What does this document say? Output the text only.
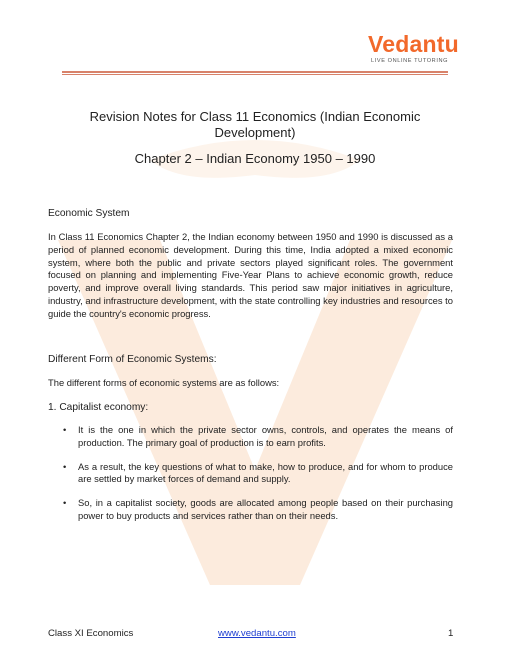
Vedantu
LIVE ONLINE TUTORING
Revision Notes for Class 11 Economics (Indian Economic Development)
Chapter 2 – Indian Economy 1950 – 1990
Economic System
In Class 11 Economics Chapter 2, the Indian economy between 1950 and 1990 is discussed as a period of planned economic development. During this time, India adopted a mixed economic system, where both the public and private sectors played significant roles. The government focused on planning and implementing Five-Year Plans to achieve economic growth, reduce poverty, and improve overall living standards. This period saw major initiatives in agriculture, industry, and infrastructure development, with the state controlling key industries and resources to guide the country's economic progress.
Different Form of Economic Systems:
The different forms of economic systems are as follows:
1. Capitalist economy:
• It is the one in which the private sector owns, controls, and operates the means of production. The primary goal of production is to earn profits.
• As a result, the key questions of what to make, how to produce, and for whom to produce are settled by market forces of demand and supply.
• So, in a capitalist society, goods are allocated among people based on their purchasing power to buy products and services rather than on their needs.
Class XI Economics	www.vedantu.com	1
